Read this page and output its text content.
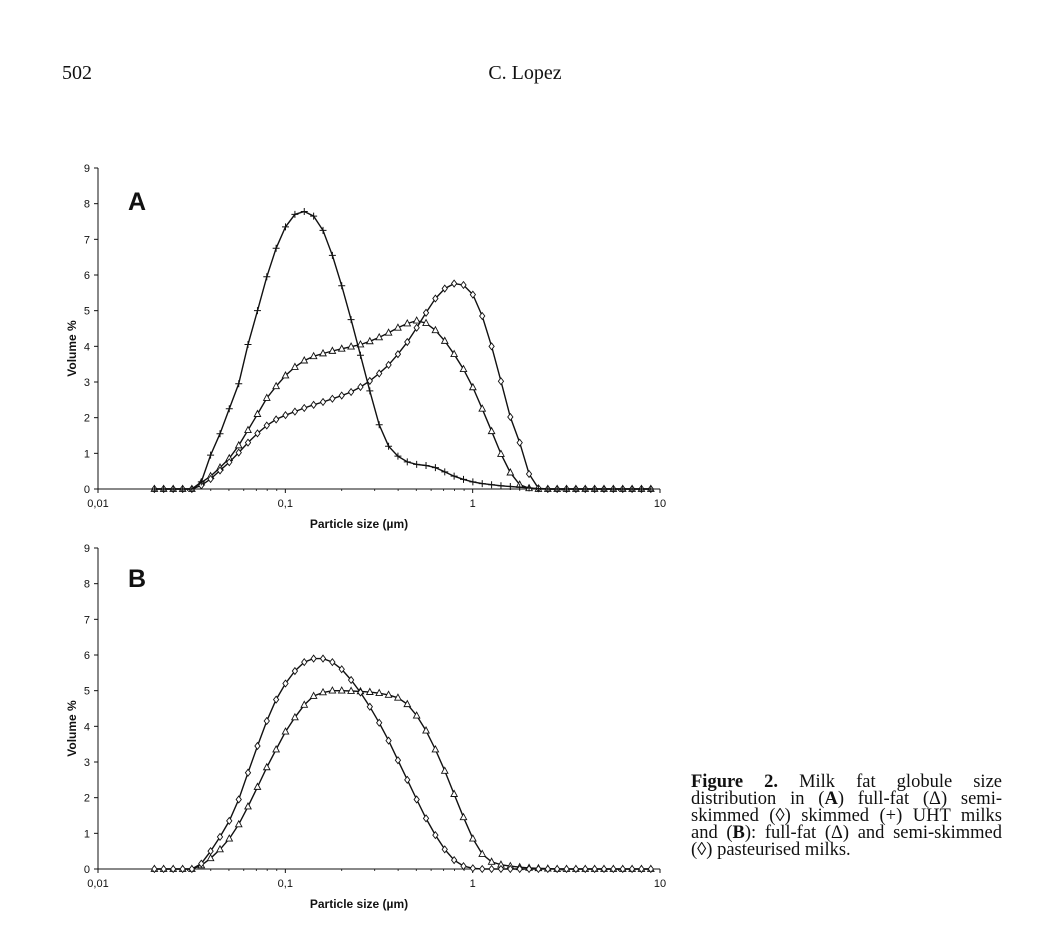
502	C. Lopez
0
1
2
3
4
5
6
7
8
9
0,01	0,1	1	10
Particle size (µm)
Volume %
A
0
1
2
3
4
5
6
7
8
9
0,01	0,1	1	10
Particle size (µm)
Volume %
B
Figure 2. Milk fat globule size distribution in (A) full-fat (Δ) semi-skimmed (◊) skimmed (+) UHT milks and (B): full-fat (Δ) and semi-skimmed (◊) pasteurised milks.
